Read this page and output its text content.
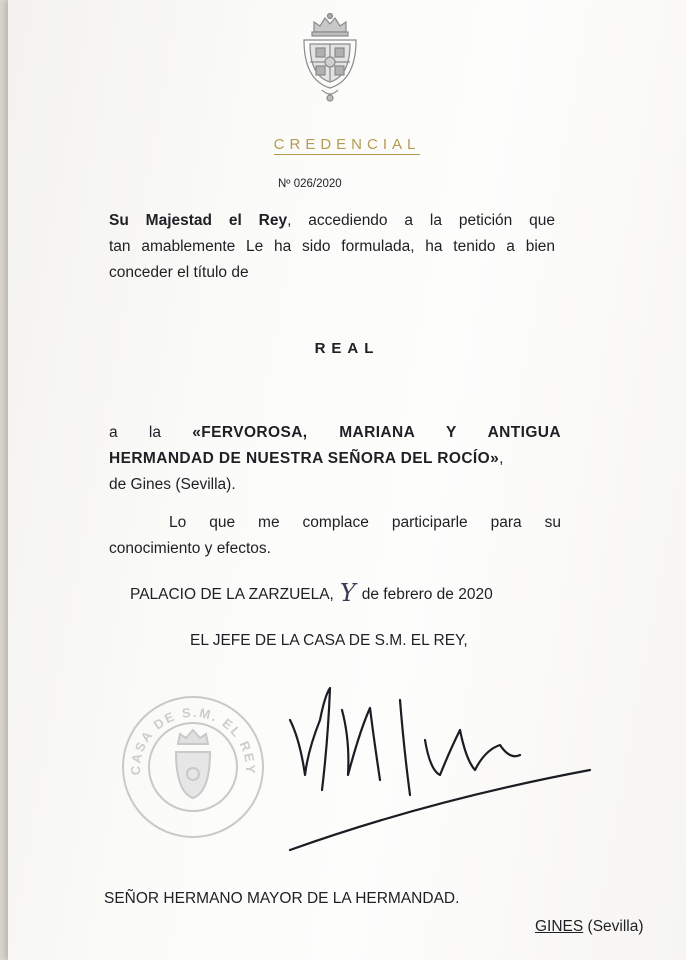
CREDENCIAL
Nº 026/2020
Su Majestad el Rey, accediendo a la petición que
tan amablemente Le ha sido formulada, ha tenido a bien
conceder el título de
REAL
a la «FERVOROSA, MARIANA Y ANTIGUA
HERMANDAD DE NUESTRA SEÑORA DEL ROCÍO»,
de Gines (Sevilla).
Lo que me complace participarle para su
conocimiento y efectos.
PALACIO DE LA ZARZUELA, Y de febrero de 2020
EL JEFE DE LA CASA DE S.M. EL REY,
CASA DE S.M. EL REY
SEÑOR HERMANO MAYOR DE LA HERMANDAD.
GINES (Sevilla)
